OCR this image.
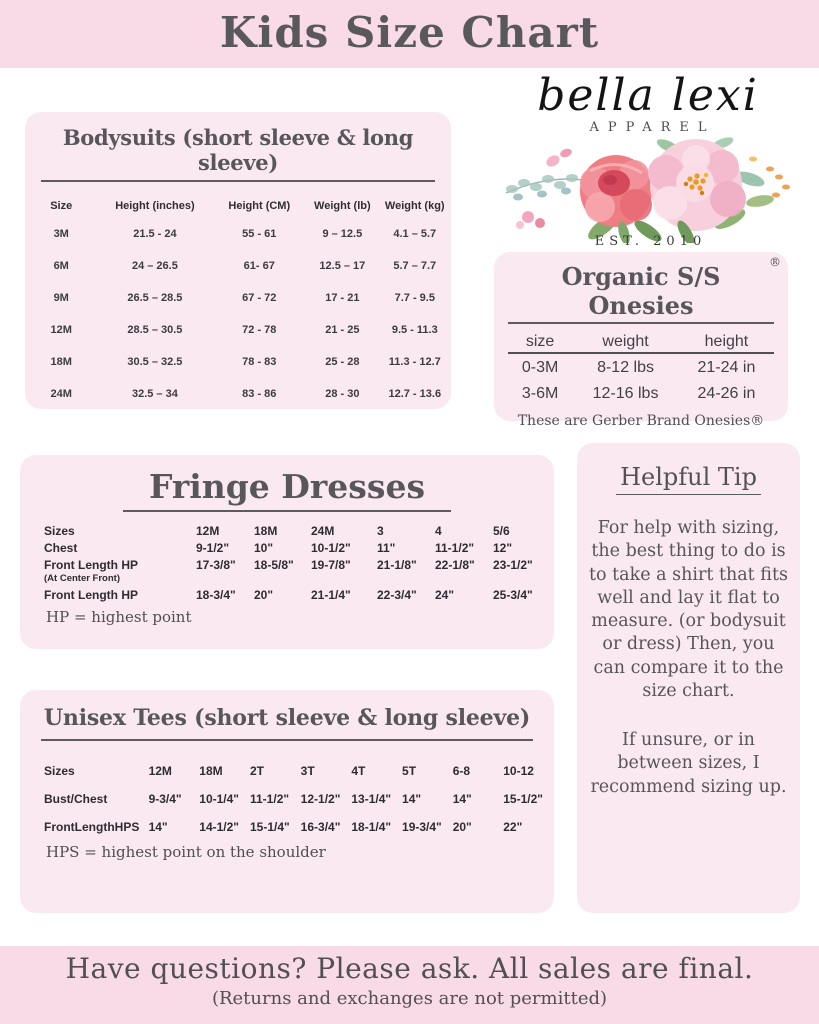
Kids Size Chart
bella lexi
APPAREL
EST. 2010
Bodysuits (short sleeve & long sleeve)
Size	Height (inches)	Height (CM)	Weight (lb)	Weight (kg)
3M	21.5 - 24	55 - 61	9 – 12.5	4.1 – 5.7
6M	24 – 26.5	61- 67	12.5 – 17	5.7 – 7.7
9M	26.5 – 28.5	67 - 72	17 - 21	7.7 - 9.5
12M	28.5 – 30.5	72 - 78	21 - 25	9.5 - 11.3
18M	30.5 – 32.5	78 - 83	25 - 28	11.3 - 12.7
24M	32.5 – 34	83 - 86	28 - 30	12.7 - 13.6
Organic S/S Onesies
®
size	weight	height
0-3M	8-12 lbs	21-24 in
3-6M	12-16 lbs	24-26 in
These are Gerber Brand Onesies®
Fringe Dresses
Sizes	12M	18M	24M	3	4	5/6
Chest	9-1/2"	10"	10-1/2"	11"	11-1/2"	12"
Front Length HP	17-3/8"	18-5/8"	19-7/8"	21-1/8"	22-1/8"	23-1/2"
(At Center Front)						
Front Length HP	18-3/4"	20"	21-1/4"	22-3/4"	24"	25-3/4"
HP = highest point
Helpful Tip
For help with sizing, the best thing to do is to take a shirt that fits well and lay it flat to measure. (or bodysuit or dress) Then, you can compare it to the size chart.
If unsure, or in between sizes, I recommend sizing up.
Unisex Tees (short sleeve & long sleeve)
Sizes	12M	18M	2T	3T	4T	5T	6-8	10-12
Bust/Chest	9-3/4"	10-1/4"	11-1/2"	12-1/2"	13-1/4"	14"	14"	15-1/2"
FrontLengthHPS	14"	14-1/2"	15-1/4"	16-3/4"	18-1/4"	19-3/4"	20"	22"
HPS = highest point on the shoulder
Have questions? Please ask. All sales are final.
(Returns and exchanges are not permitted)
